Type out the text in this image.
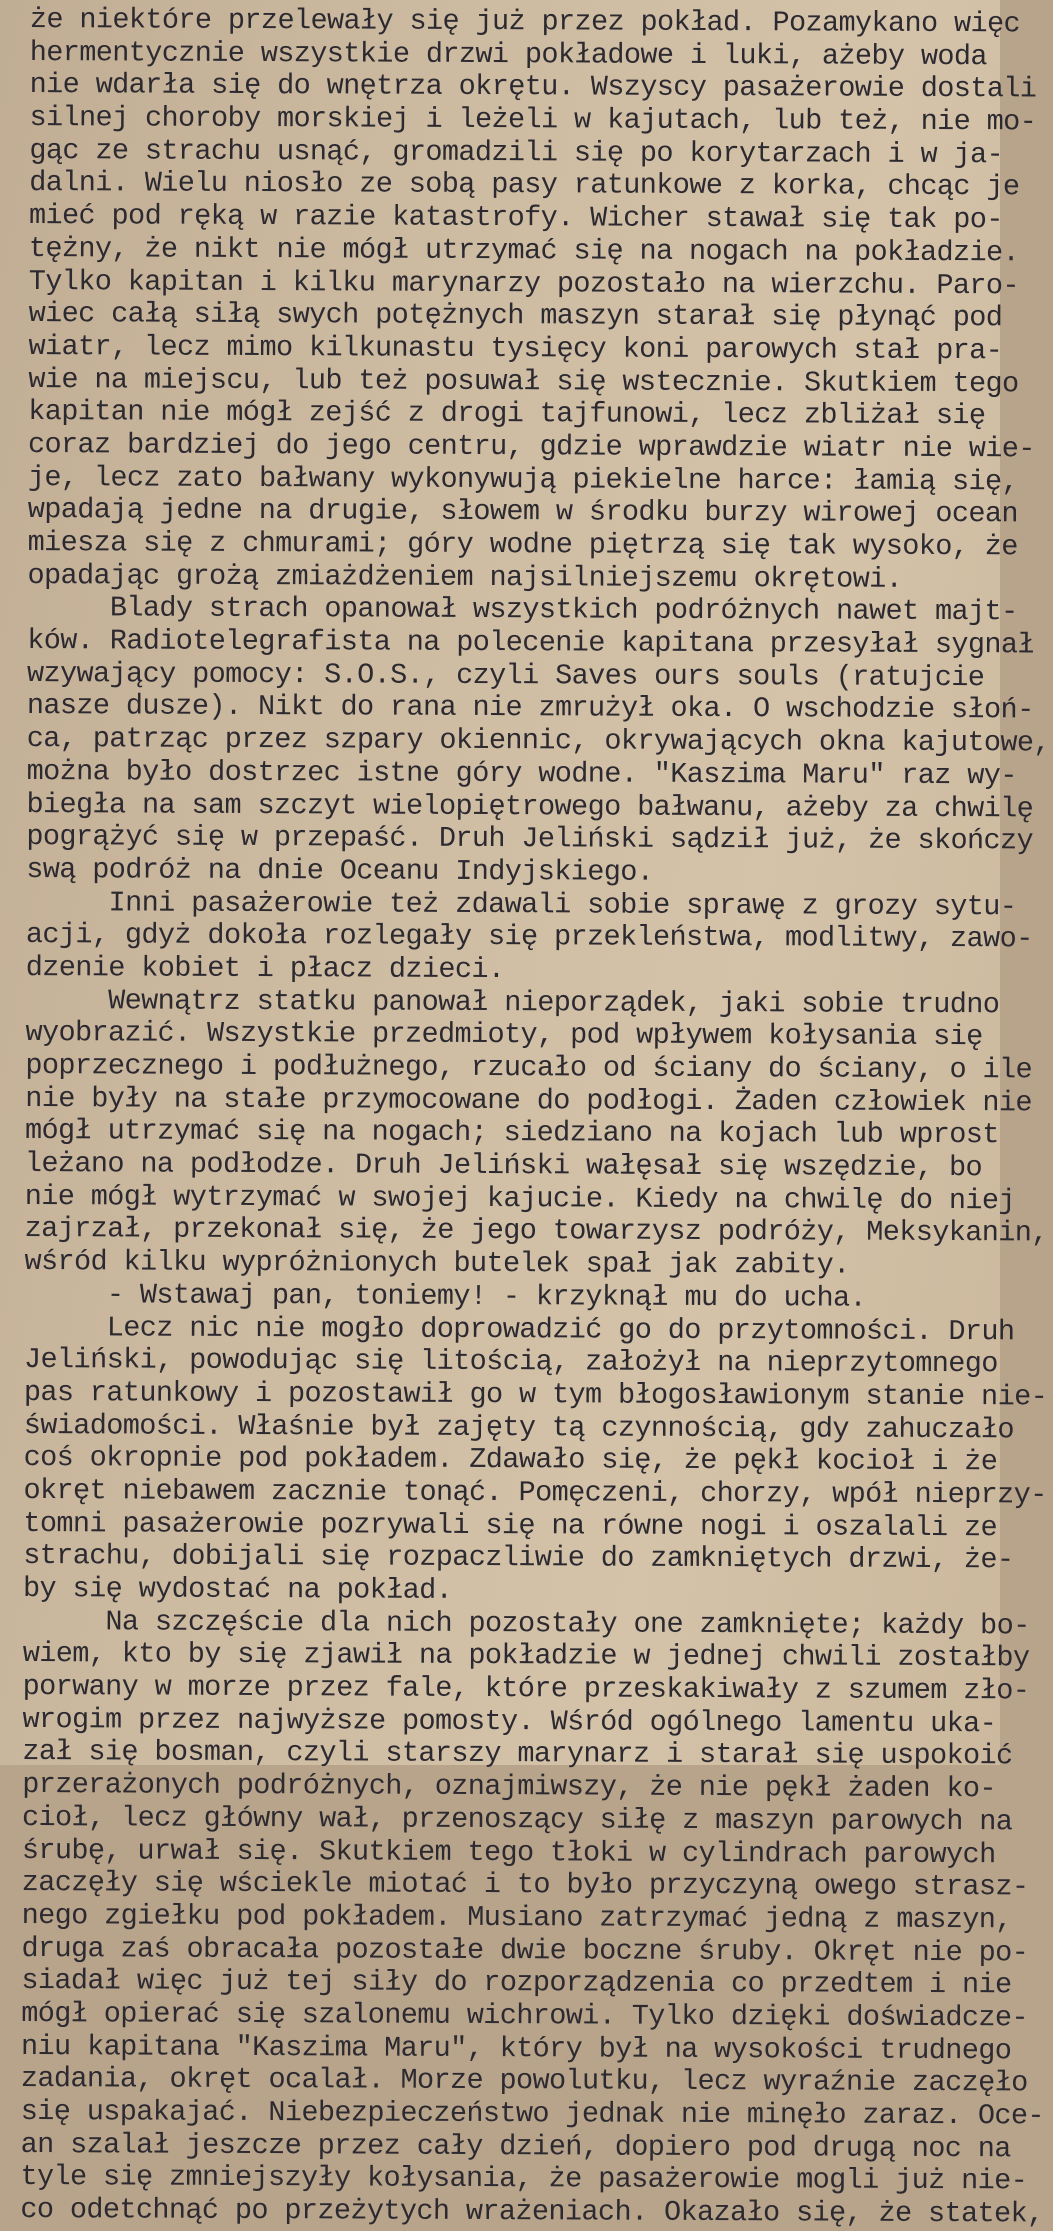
że niektóre przelewały się już przez pokład. Pozamykano więc
hermentycznie wszystkie drzwi pokładowe i luki, ażeby woda
nie wdarła się do wnętrza okrętu. Wszyscy pasażerowie dostali
silnej choroby morskiej i leżeli w kajutach, lub też, nie mo-
gąc ze strachu usnąć, gromadzili się po korytarzach i w ja-
dalni. Wielu niosło ze sobą pasy ratunkowe z korka, chcąc je
mieć pod ręką w razie katastrofy. Wicher stawał się tak po-
tężny, że nikt nie mógł utrzymać się na nogach na pokładzie.
Tylko kapitan i kilku marynarzy pozostało na wierzchu. Paro-
wiec całą siłą swych potężnych maszyn starał się płynąć pod
wiatr, lecz mimo kilkunastu tysięcy koni parowych stał pra-
wie na miejscu, lub też posuwał się wstecznie. Skutkiem tego
kapitan nie mógł zejść z drogi tajfunowi, lecz zbliżał się
coraz bardziej do jego centru, gdzie wprawdzie wiatr nie wie-
je, lecz zato bałwany wykonywują piekielne harce: łamią się,
wpadają jedne na drugie, słowem w środku burzy wirowej ocean
miesza się z chmurami; góry wodne piętrzą się tak wysoko, że
opadając grożą zmiażdżeniem najsilniejszemu okrętowi.
Blady strach opanował wszystkich podróżnych nawet majt-
ków. Radiotelegrafista na polecenie kapitana przesyłał sygnał
wzywający pomocy: S.O.S., czyli Saves ours souls (ratujcie
nasze dusze). Nikt do rana nie zmrużył oka. O wschodzie słoń-
ca, patrząc przez szpary okiennic, okrywających okna kajutowe,
można było dostrzec istne góry wodne. "Kaszima Maru" raz wy-
biegła na sam szczyt wielopiętrowego bałwanu, ażeby za chwilę
pogrążyć się w przepaść. Druh Jeliński sądził już, że skończy
swą podróż na dnie Oceanu Indyjskiego.
Inni pasażerowie też zdawali sobie sprawę z grozy sytu-
acji, gdyż dokoła rozlegały się przekleństwa, modlitwy, zawo-
dzenie kobiet i płacz dzieci.
Wewnątrz statku panował nieporządek, jaki sobie trudno
wyobrazić. Wszystkie przedmioty, pod wpływem kołysania się
poprzecznego i podłużnego, rzucało od ściany do ściany, o ile
nie były na stałe przymocowane do podłogi. Żaden człowiek nie
mógł utrzymać się na nogach; siedziano na kojach lub wprost
leżano na podłodze. Druh Jeliński wałęsał się wszędzie, bo
nie mógł wytrzymać w swojej kajucie. Kiedy na chwilę do niej
zajrzał, przekonał się, że jego towarzysz podróży, Meksykanin,
wśród kilku wypróżnionych butelek spał jak zabity.
- Wstawaj pan, toniemy! - krzyknął mu do ucha.
Lecz nic nie mogło doprowadzić go do przytomności. Druh
Jeliński, powodując się litością, założył na nieprzytomnego
pas ratunkowy i pozostawił go w tym błogosławionym stanie nie-
świadomości. Właśnie był zajęty tą czynnością, gdy zahuczało
coś okropnie pod pokładem. Zdawało się, że pękł kocioł i że
okręt niebawem zacznie tonąć. Pomęczeni, chorzy, wpół nieprzy-
tomni pasażerowie pozrywali się na równe nogi i oszalali ze
strachu, dobijali się rozpaczliwie do zamkniętych drzwi, że-
by się wydostać na pokład.
Na szczęście dla nich pozostały one zamknięte; każdy bo-
wiem, kto by się zjawił na pokładzie w jednej chwili zostałby
porwany w morze przez fale, które przeskakiwały z szumem zło-
wrogim przez najwyższe pomosty. Wśród ogólnego lamentu uka-
zał się bosman, czyli starszy marynarz i starał się uspokoić
przerażonych podróżnych, oznajmiwszy, że nie pękł żaden ko-
cioł, lecz główny wał, przenoszący siłę z maszyn parowych na
śrubę, urwał się. Skutkiem tego tłoki w cylindrach parowych
zaczęły się wściekle miotać i to było przyczyną owego strasz-
nego zgiełku pod pokładem. Musiano zatrzymać jedną z maszyn,
druga zaś obracała pozostałe dwie boczne śruby. Okręt nie po-
siadał więc już tej siły do rozporządzenia co przedtem i nie
mógł opierać się szalonemu wichrowi. Tylko dzięki doświadcze-
niu kapitana "Kaszima Maru", który był na wysokości trudnego
zadania, okręt ocalał. Morze powolutku, lecz wyraźnie zaczęło
się uspakajać. Niebezpieczeństwo jednak nie minęło zaraz. Oce-
an szalał jeszcze przez cały dzień, dopiero pod drugą noc na
tyle się zmniejszyły kołysania, że pasażerowie mogli już nie-
co odetchnąć po przeżytych wrażeniach. Okazało się, że statek,
